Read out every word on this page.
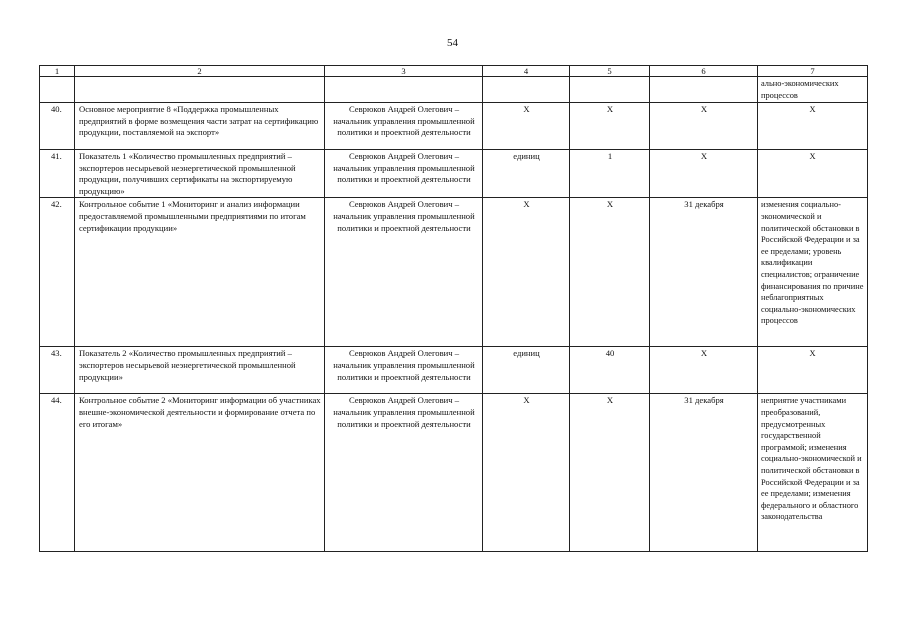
54
1	2	3	4	5	6	7
						ально-экономических процессов
40.	Основное мероприятие 8 «Поддержка промышленных предприятий в форме возмещения части затрат на сертификацию продукции, поставляемой на экспорт»	Севрюков Андрей Олегович – начальник управления промышленной политики и проектной деятельности	X	X	X	X
41.	Показатель 1 «Количество промышленных предприятий – экспортеров несырьевой неэнергетической промышленной продукции, получивших сертификаты на экспортируемую продукцию»	Севрюков Андрей Олегович – начальник управления промышленной политики и проектной деятельности	единиц	1	X	X
42.	Контрольное событие 1 «Мониторинг и анализ информации предоставляемой промышленными предприятиями по итогам сертификации продукции»	Севрюков Андрей Олегович – начальник управления промышленной политики и проектной деятельности	X	X	31 декабря	изменения социально-экономической и политической обстановки в Российской Федерации и за ее пределами; уровень квалификации специалистов; ограничение финансирования по причине неблагоприятных социально-экономических процессов
43.	Показатель 2 «Количество промышленных предприятий – экспортеров несырьевой неэнергетической промышленной продукции»	Севрюков Андрей Олегович – начальник управления промышленной политики и проектной деятельности	единиц	40	X	X
44.	Контрольное событие 2 «Мониторинг информации об участниках внешне-экономической деятельности и формирование отчета по его итогам»	Севрюков Андрей Олегович – начальник управления промышленной политики и проектной деятельности	X	X	31 декабря	неприятие участниками преобразований, предусмотренных государственной программой; изменения социально-экономической и политической обстановки в Российской Федерации и за ее пределами; изменения федерального и областного законодательства
